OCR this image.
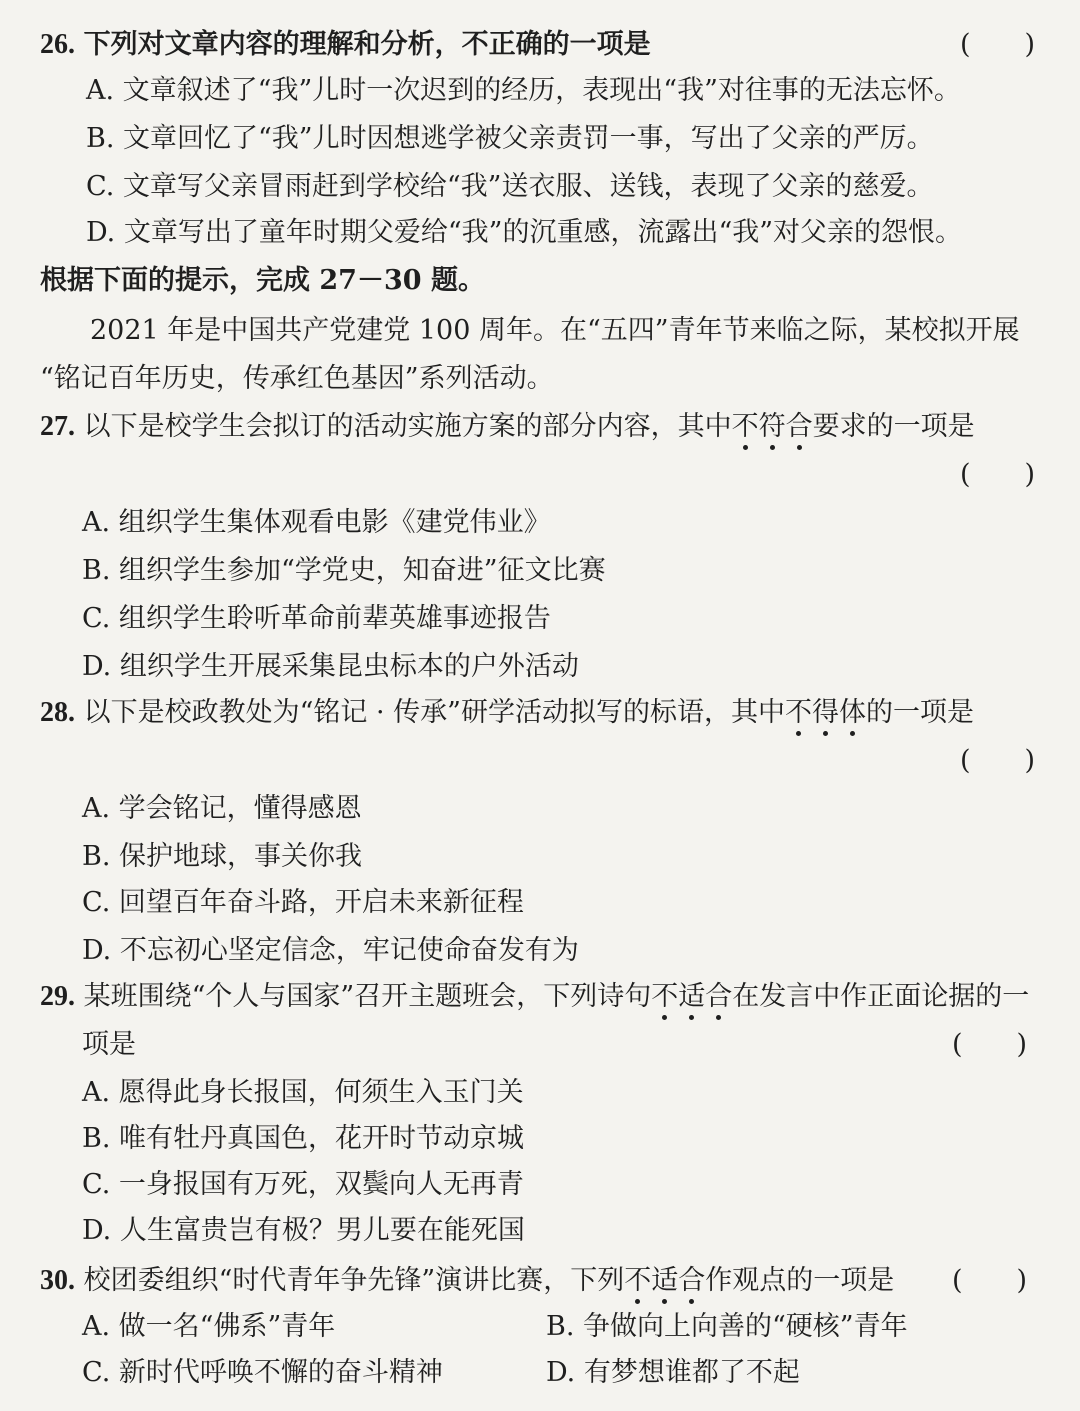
26. 下列对文章内容的理解和分析，不正确的一项是	(　　)
A. 文章叙述了“我”儿时一次迟到的经历，表现出“我”对往事的无法忘怀。
B. 文章回忆了“我”儿时因想逃学被父亲责罚一事，写出了父亲的严厉。
C. 文章写父亲冒雨赶到学校给“我”送衣服、送钱，表现了父亲的慈爱。
D. 文章写出了童年时期父爱给“我”的沉重感，流露出“我”对父亲的怨恨。
根据下面的提示，完成 27－30 题。
2021 年是中国共产党建党 100 周年。在“五四”青年节来临之际，某校拟开展
“铭记百年历史，传承红色基因”系列活动。
27. 以下是校学生会拟订的活动实施方案的部分内容，其中不符合要求的一项是
(　　)
A. 组织学生集体观看电影《建党伟业》
B. 组织学生参加“学党史，知奋进”征文比赛
C. 组织学生聆听革命前辈英雄事迹报告
D. 组织学生开展采集昆虫标本的户外活动
28. 以下是校政教处为“铭记 · 传承”研学活动拟写的标语，其中不得体的一项是
(　　)
A. 学会铭记，懂得感恩
B. 保护地球，事关你我
C. 回望百年奋斗路，开启未来新征程
D. 不忘初心坚定信念，牢记使命奋发有为
29. 某班围绕“个人与国家”召开主题班会，下列诗句不适合在发言中作正面论据的一
项是	(　　)
A. 愿得此身长报国，何须生入玉门关
B. 唯有牡丹真国色，花开时节动京城
C. 一身报国有万死，双鬓向人无再青
D. 人生富贵岂有极？男儿要在能死国
30. 校团委组织“时代青年争先锋”演讲比赛，下列不适合作观点的一项是 (　　)
A. 做一名“佛系”青年	B. 争做向上向善的“硬核”青年
C. 新时代呼唤不懈的奋斗精神	D. 有梦想谁都了不起
